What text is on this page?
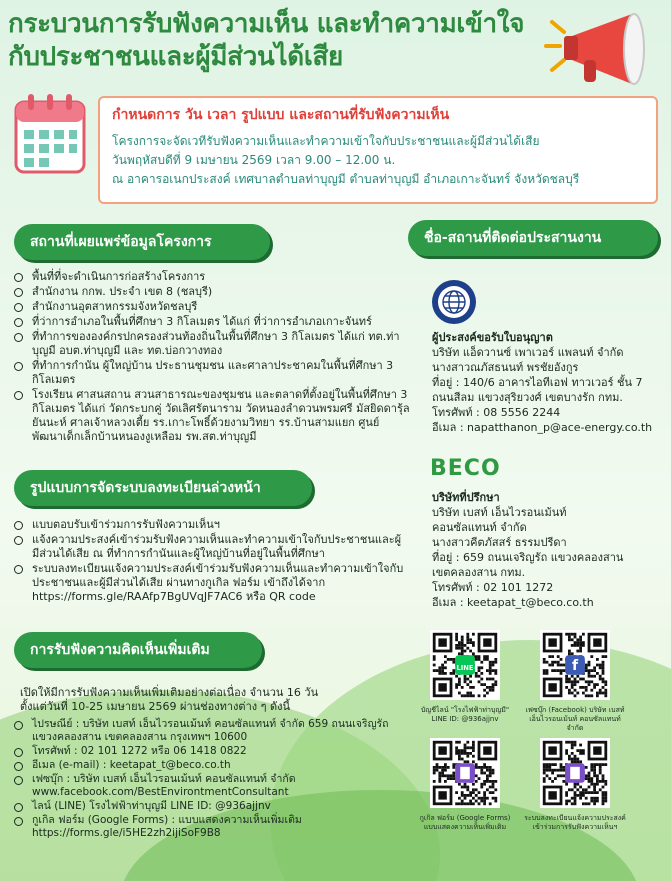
กระบวนการรับฟังความเห็น และทำความเข้าใจ
กับประชาชนและผู้มีส่วนได้เสีย
กำหนดการ วัน เวลา รูปแบบ และสถานที่รับฟังความเห็น
โครงการจะจัดเวทีรับฟังความเห็นและทำความเข้าใจกับประชาชนและผู้มีส่วนได้เสีย
วันพฤหัสบดีที่ 9 เมษายน 2569 เวลา 9.00 – 12.00 น.
ณ อาคารอเนกประสงค์ เทศบาลตำบลท่าบุญมี ตำบลท่าบุญมี อำเภอเกาะจันทร์ จังหวัดชลบุรี
สถานที่เผยแพร่ข้อมูลโครงการ	ชื่อ-สถานที่ติดต่อประสานงาน
รูปแบบการจัดระบบลงทะเบียนล่วงหน้า
การรับฟังความคิดเห็นเพิ่มเติม
พื้นที่ที่จะดำเนินการก่อสร้างโครงการ
สำนักงาน กกพ. ประจำ เขต 8 (ชลบุรี)
สำนักงานอุตสาหกรรมจังหวัดชลบุรี
ที่ว่าการอำเภอในพื้นที่ศึกษา 3 กิโลเมตร ได้แก่ ที่ว่าการอำเภอเกาะจันทร์
ที่ทำการขององค์กรปกครองส่วนท้องถิ่นในพื้นที่ศึกษา 3 กิโลเมตร ได้แก่ ทต.ท่าบุญมี อบต.ท่าบุญมี และ ทต.บ่อกวางทอง
ที่ทำการกำนัน ผู้ใหญ่บ้าน ประธานชุมชน และศาลาประชาคมในพื้นที่ศึกษา 3 กิโลเมตร
โรงเรียน ศาสนสถาน สวนสาธารณะของชุมชน และตลาดที่ตั้งอยู่ในพื้นที่ศึกษา 3 กิโลเมตร ได้แก่ วัดกระบกคู่ วัดเลิศรัตนาราม วัดหนองลำดวนพรมศรี มัสยิดดารุ้ลยันนะห์ ศาลเจ้าหลวงเตี้ย รร.เกาะโพธิ์ด้วยงามวิทยา รร.บ้านสามแยก ศูนย์พัฒนาเด็กเล็กบ้านหนองงูเหลือม รพ.สต.ท่าบุญมี
แบบตอบรับเข้าร่วมการรับฟังความเห็นฯ
แจ้งความประสงค์เข้าร่วมรับฟังความเห็นและทำความเข้าใจกับประชาชนและผู้มีส่วนได้เสีย ณ ที่ทำการกำนันและผู้ใหญ่บ้านที่อยู่ในพื้นที่ศึกษา
ระบบลงทะเบียนแจ้งความประสงค์เข้าร่วมรับฟังความเห็นและทำความเข้าใจกับประชาชนและผู้มีส่วนได้เสีย ผ่านทางกูเกิล ฟอร์ม เข้าถึงได้จาก https://forms.gle/RAAfp7BgUVqJF7AC6 หรือ QR code
เปิดให้มีการรับฟังความเห็นเพิ่มเติมอย่างต่อเนื่อง จำนวน 16 วัน
ตั้งแต่วันที่ 10-25 เมษายน 2569 ผ่านช่องทางต่าง ๆ ดังนี้
ไปรษณีย์ : บริษัท เบสท์ เอ็นไวรอนเม้นท์ คอนซัลแทนท์ จำกัด 659 ถนนเจริญรัถ แขวงคลองสาน เขตคลองสาน กรุงเทพฯ 10600
โทรศัพท์ : 02 101 1272 หรือ 06 1418 0822
อีเมล (e-mail) : keetapat_t@beco.co.th
เฟซบุ๊ก : บริษัท เบสท์ เอ็นไวรอนเม้นท์ คอนซัลแทนท์ จำกัด www.facebook.com/BestEnvirontmentConsultant
ไลน์ (LINE) โรงไฟฟ้าท่าบุญมี LINE ID: @936ajjnv
กูเกิล ฟอร์ม (Google Forms) : แบบแสดงความเห็นเพิ่มเติม https://forms.gle/i5HE2zh2ijiSoF9B8
ผู้ประสงค์ขอรับใบอนุญาต
บริษัท แอ็ดวานซ์ เพาเวอร์ แพลนท์ จำกัด
นางสาวณภัสธนนท์ พรชัยอังกูร
ที่อยู่ : 140/6 อาคารไอทีเอฟ ทาวเวอร์ ชั้น 7
ถนนสีลม แขวงสุริยวงศ์ เขตบางรัก กทม.
โทรศัพท์ : 08 5556 2244
อีเมล : napatthanon_p@ace-energy.co.th
BECO
บริษัทที่ปรึกษา
บริษัท เบสท์ เอ็นไวรอนเม้นท์
คอนซัลแทนท์ จำกัด
นางสาวคีตภัสสร์ ธรรมปรีดา
ที่อยู่ : 659 ถนนเจริญรัถ แขวงคลองสาน
เขตคลองสาน กทม.
โทรศัพท์ : 02 101 1272
อีเมล : keetapat_t@beco.co.th
LINE
บัญชีไลน์ "โรงไฟฟ้าท่าบุญมี"
LINE ID: @936ajjnv
f
เฟซบุ๊ก (Facebook) บริษัท เบสท์
เอ็นไวรอนเม้นท์ คอนซัลแทนท์ จำกัด
กูเกิล ฟอร์ม (Google Forms)
แบบแสดงความเห็นเพิ่มเติม
ระบบลงทะเบียนแจ้งความประสงค์
เข้าร่วมการรับฟังความเห็นฯ
